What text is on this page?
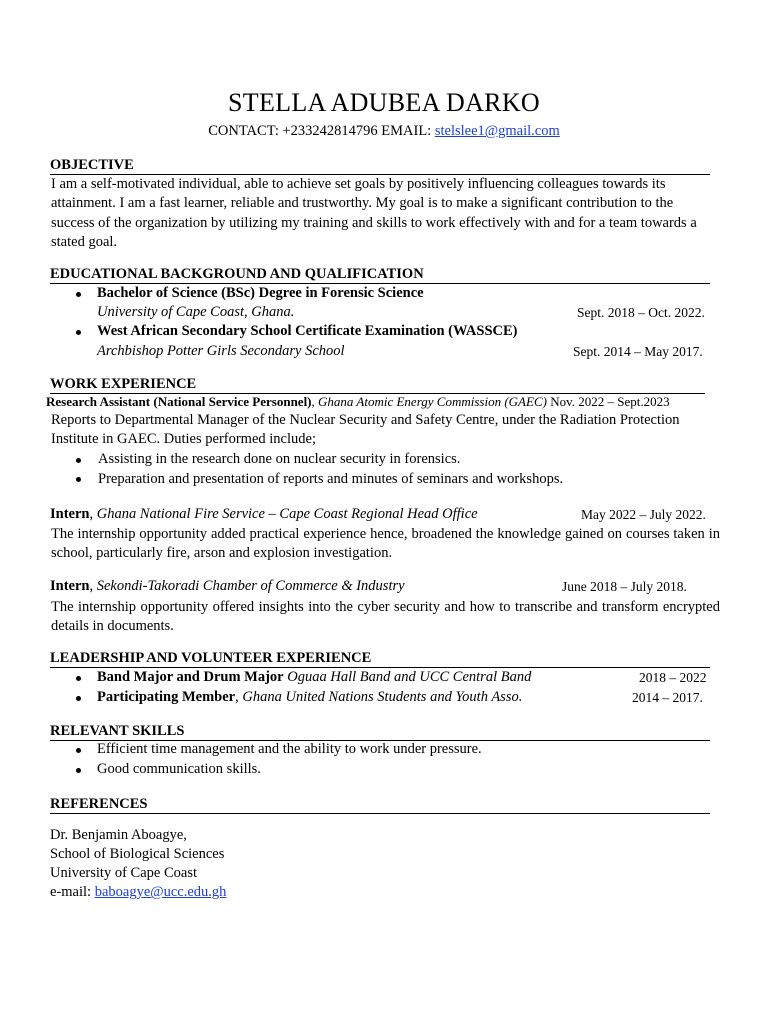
STELLA ADUBEA DARKO
CONTACT: +233242814796 EMAIL: stelslee1@gmail.com
OBJECTIVE
I am a self-motivated individual, able to achieve set goals by positively influencing colleagues towards its attainment. I am a fast learner, reliable and trustworthy. My goal is to make a significant contribution to the success of the organization by utilizing my training and skills to work effectively with and for a team towards a stated goal.
EDUCATIONAL BACKGROUND AND QUALIFICATION
Bachelor of Science (BSc) Degree in Forensic Science
University of Cape Coast, Ghana.	Sept. 2018 – Oct. 2022.
West African Secondary School Certificate Examination (WASSCE)
Archbishop Potter Girls Secondary School	Sept. 2014 – May 2017.
WORK EXPERIENCE
Research Assistant (National Service Personnel), Ghana Atomic Energy Commission (GAEC) Nov. 2022 – Sept.2023
Reports to Departmental Manager of the Nuclear Security and Safety Centre, under the Radiation Protection Institute in GAEC. Duties performed include;
Assisting in the research done on nuclear security in forensics.
Preparation and presentation of reports and minutes of seminars and workshops.
Intern, Ghana National Fire Service – Cape Coast Regional Head Office	May 2022 – July 2022.
The internship opportunity added practical experience hence, broadened the knowledge gained on courses taken in school, particularly fire, arson and explosion investigation.
Intern, Sekondi-Takoradi Chamber of Commerce & Industry	June 2018 – July 2018.
The internship opportunity offered insights into the cyber security and how to transcribe and transform encrypted details in documents.
LEADERSHIP AND VOLUNTEER EXPERIENCE
Band Major and Drum Major Oguaa Hall Band and UCC Central Band	2018 – 2022
Participating Member, Ghana United Nations Students and Youth Asso.	2014 – 2017.
RELEVANT SKILLS
Efficient time management and the ability to work under pressure.
Good communication skills.
REFERENCES
Dr. Benjamin Aboagye,
School of Biological Sciences
University of Cape Coast
e-mail: baboagye@ucc.edu.gh
